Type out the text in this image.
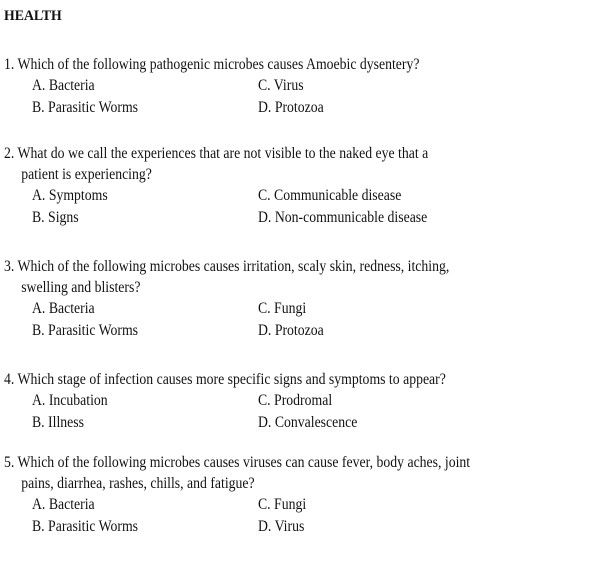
HEALTH
1. Which of the following pathogenic microbes causes Amoebic dysentery?
A. Bacteria	C. Virus
B. Parasitic Worms	D. Protozoa
2. What do we call the experiences that are not visible to the naked eye that a
patient is experiencing?
A. Symptoms	C. Communicable disease
B. Signs	D. Non-communicable disease
3. Which of the following microbes causes irritation, scaly skin, redness, itching,
swelling and blisters?
A. Bacteria	C. Fungi
B. Parasitic Worms	D. Protozoa
4. Which stage of infection causes more specific signs and symptoms to appear?
A. Incubation	C. Prodromal
B. Illness	D. Convalescence
5. Which of the following microbes causes viruses can cause fever, body aches, joint
pains, diarrhea, rashes, chills, and fatigue?
A. Bacteria	C. Fungi
B. Parasitic Worms	D. Virus
